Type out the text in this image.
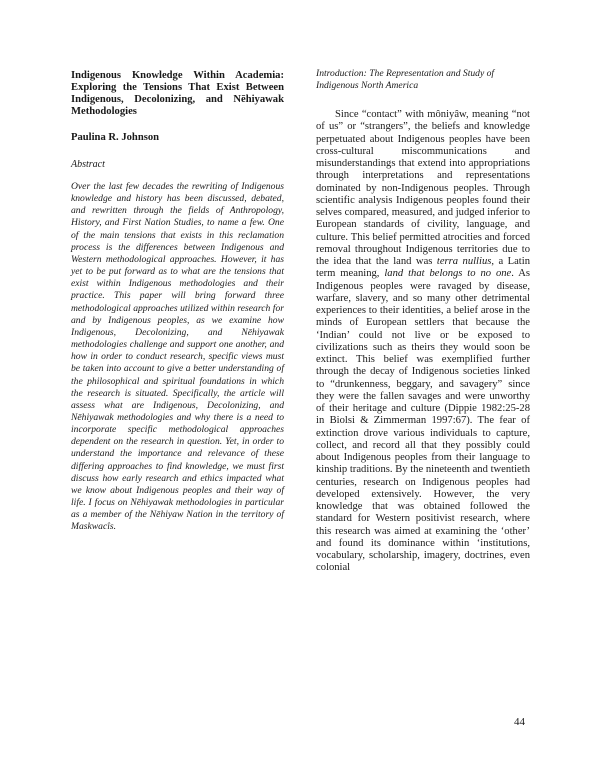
Indigenous Knowledge Within Academia: Exploring the Tensions That Exist Between Indigenous, Decolonizing, and Nēhiyawak Methodologies

Paulina R. Johnson

Abstract

Over the last few decades the rewriting of Indigenous knowledge and history has been discussed, debated, and rewritten through the fields of Anthropology, History, and First Nation Studies, to name a few. One of the main tensions that exists in this reclamation process is the differences between Indigenous and Western methodological approaches. However, it has yet to be put forward as to what are the tensions that exist within Indigenous methodologies and their practice. This paper will bring forward three methodological approaches utilized within research for and by Indigenous peoples, as we examine how Indigenous, Decolonizing, and Nēhiyawak methodologies challenge and support one another, and how in order to conduct research, specific views must be taken into account to give a better understanding of the philosophical and spiritual foundations in which the research is situated. Specifically, the article will assess what are Indigenous, Decolonizing, and Nēhiyawak methodologies and why there is a need to incorporate specific methodological approaches dependent on the research in question. Yet, in order to understand the importance and relevance of these differing approaches to find knowledge, we must first discuss how early research and ethics impacted what we know about Indigenous peoples and their way of life. I focus on Nēhiyawak methodologies in particular as a member of the Nēhiyaw Nation in the territory of Maskwacîs.

Introduction: The Representation and Study of Indigenous North America

Since “contact” with môniyâw, meaning “not of us” or “strangers”, the beliefs and knowledge perpetuated about Indigenous peoples have been cross-cultural miscommunications and misunderstandings that extend into appropriations through interpretations and representations dominated by non-Indigenous peoples. Through scientific analysis Indigenous peoples found their selves compared, measured, and judged inferior to European standards of civility, language, and culture. This belief permitted atrocities and forced removal throughout Indigenous territories due to the idea that the land was terra nullius, a Latin term meaning, land that belongs to no one. As Indigenous peoples were ravaged by disease, warfare, slavery, and so many other detrimental experiences to their identities, a belief arose in the minds of European settlers that because the ‘Indian’ could not live or be exposed to civilizations such as theirs they would soon be extinct. This belief was exemplified further through the decay of Indigenous societies linked to “drunkenness, beggary, and savagery” since they were the fallen savages and were unworthy of their heritage and culture (Dippie 1982:25-28 in Biolsi & Zimmerman 1997:67). The fear of extinction drove various individuals to capture, collect, and record all that they possibly could about Indigenous peoples from their language to kinship traditions. By the nineteenth and twentieth centuries, research on Indigenous peoples had developed extensively. However, the very knowledge that was obtained followed the standard for Western positivist research, where this research was aimed at examining the ‘other’ and found its dominance within ‘institutions, vocabulary, scholarship, imagery, doctrines, even colonial

44
